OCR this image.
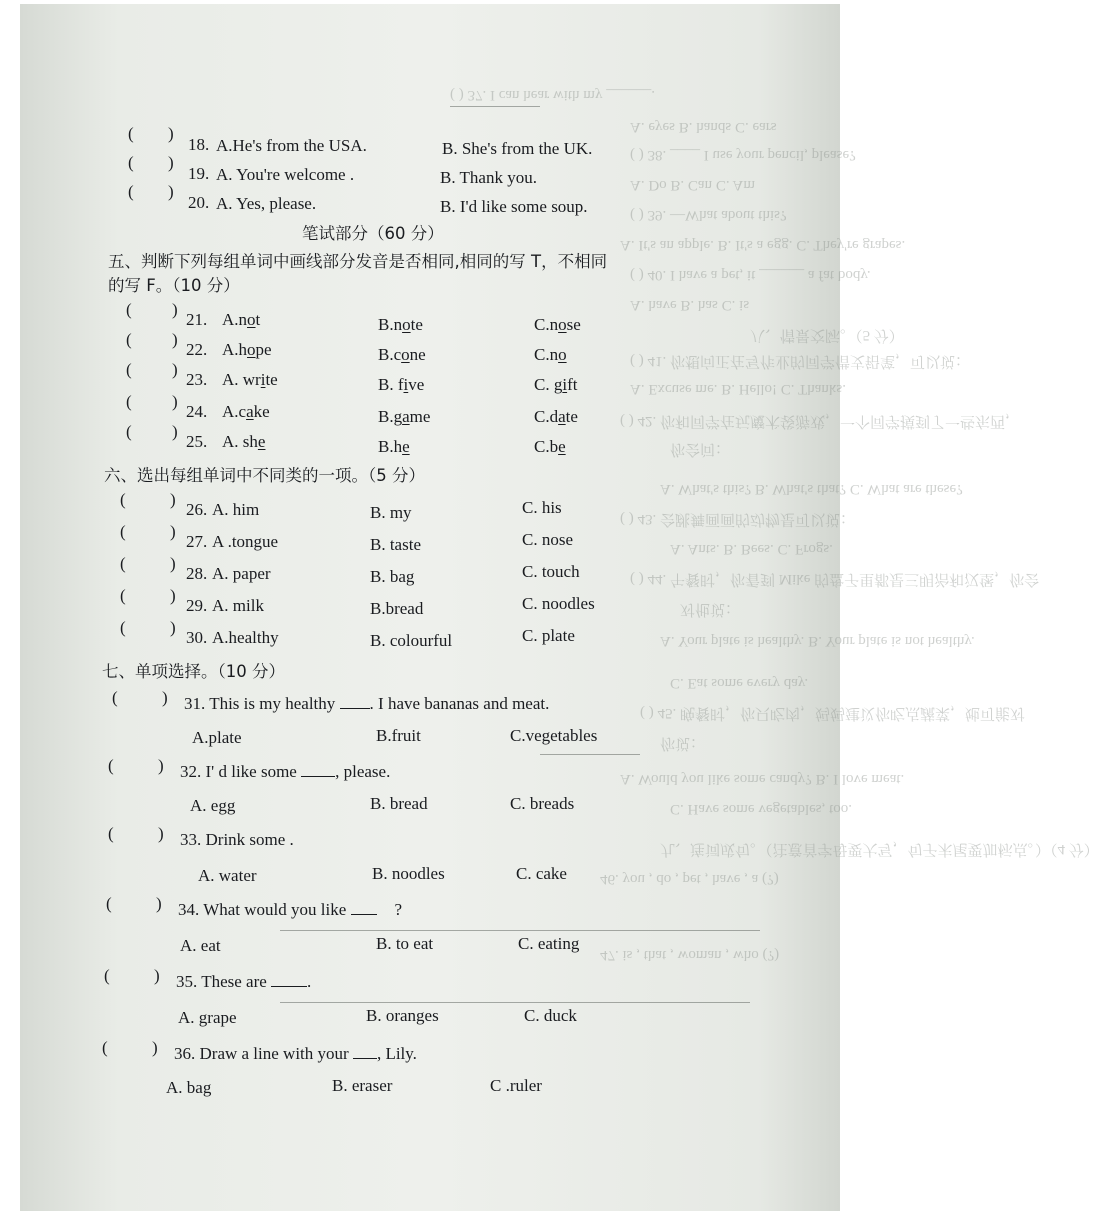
( ) 37. I can hear with my ______.
A. eyes B. hands C. ears
( ) 38. ____ I use your pencil, please?
A. Do B. Can C. Am
( ) 39. —What about this?
A. It's an apple. B. It's a egg. C. They're grapes.
( ) 40. I have a pet, it ______ a fat body.
A. have B. has C. is
八、情景交际。（5 分）
( ) 41. 你想向正在写作业的同学借支铅笔，可以说：
A. Excuse me. B. Hello! C. Thanks.
( ) 42. 你和同学在玩魔术袋游戏，一个同学摸到了一些东西，
你会问：
A. What's this? B. What's that? C. What are these?
( ) 43. 会跳舞画画的动物是可以说：
A. Ants. B. Bees. C. Frogs.
( ) 44. 午餐时，你看到 Mike 的盘子里都是三明治和汉堡，你会
对他说：
A. Your plate is healthy. B. Your plate is not healthy.
C. Eat some every day.
( ) 45. 晚餐时，你只吃肉，妈妈建议你吃点蔬菜，她可能对
你说：
A. Would you like some candy? B. I love meat.
C. Have some vegetables, too.
九、连词成句。（注意首字母要大写，句子末尾要加标点。）（4 分）
46. you , do , pet , have , a (?)
47. is , that , woman , who (?)
( )
18. A.He's from the USA.	B. She's from the UK.
( )
19. A. You're welcome .	B. Thank you.
( )
20. A. Yes, please.	B. I'd like some soup.
笔试部分（60 分）
五、判断下列每组单词中画线部分发音是否相同,相同的写 T，不相同
的写 F。（10 分）
( )
21. A.not	B.note	C.nose
( )
22. A.hope	B.cone	C.no
( )
23. A. write	B. five	C. gift
( )
24. A.cake	B.game	C.date
( )
25. A. she	B.he	C.be
六、选出每组单词中不同类的一项。（5 分）
(	)
26. A. him	B. my	C. his
(	)
27. A .tongue	B. taste	C. nose
(	)
28. A. paper	B. bag	C. touch
(	)
29. A. milk	B.bread	C. noodles
(	)
30. A.healthy	B. colourful	C. plate
七、单项选择。（10 分）
(	) 31. This is my healthy . I have bananas and meat.
A.plate	B.fruit	C.vegetables
(	) 32. I' d like some , please.
A. egg	B. bread	C. breads
(	) 33. Drink some .
A. water	B. noodles	C. cake
(	) 34. What would you like	?
A. eat	B. to eat	C. eating
(	) 35. These are .
A. grape	B. oranges	C. duck
(	) 36. Draw a line with your , Lily.
A. bag	B. eraser	C .ruler
